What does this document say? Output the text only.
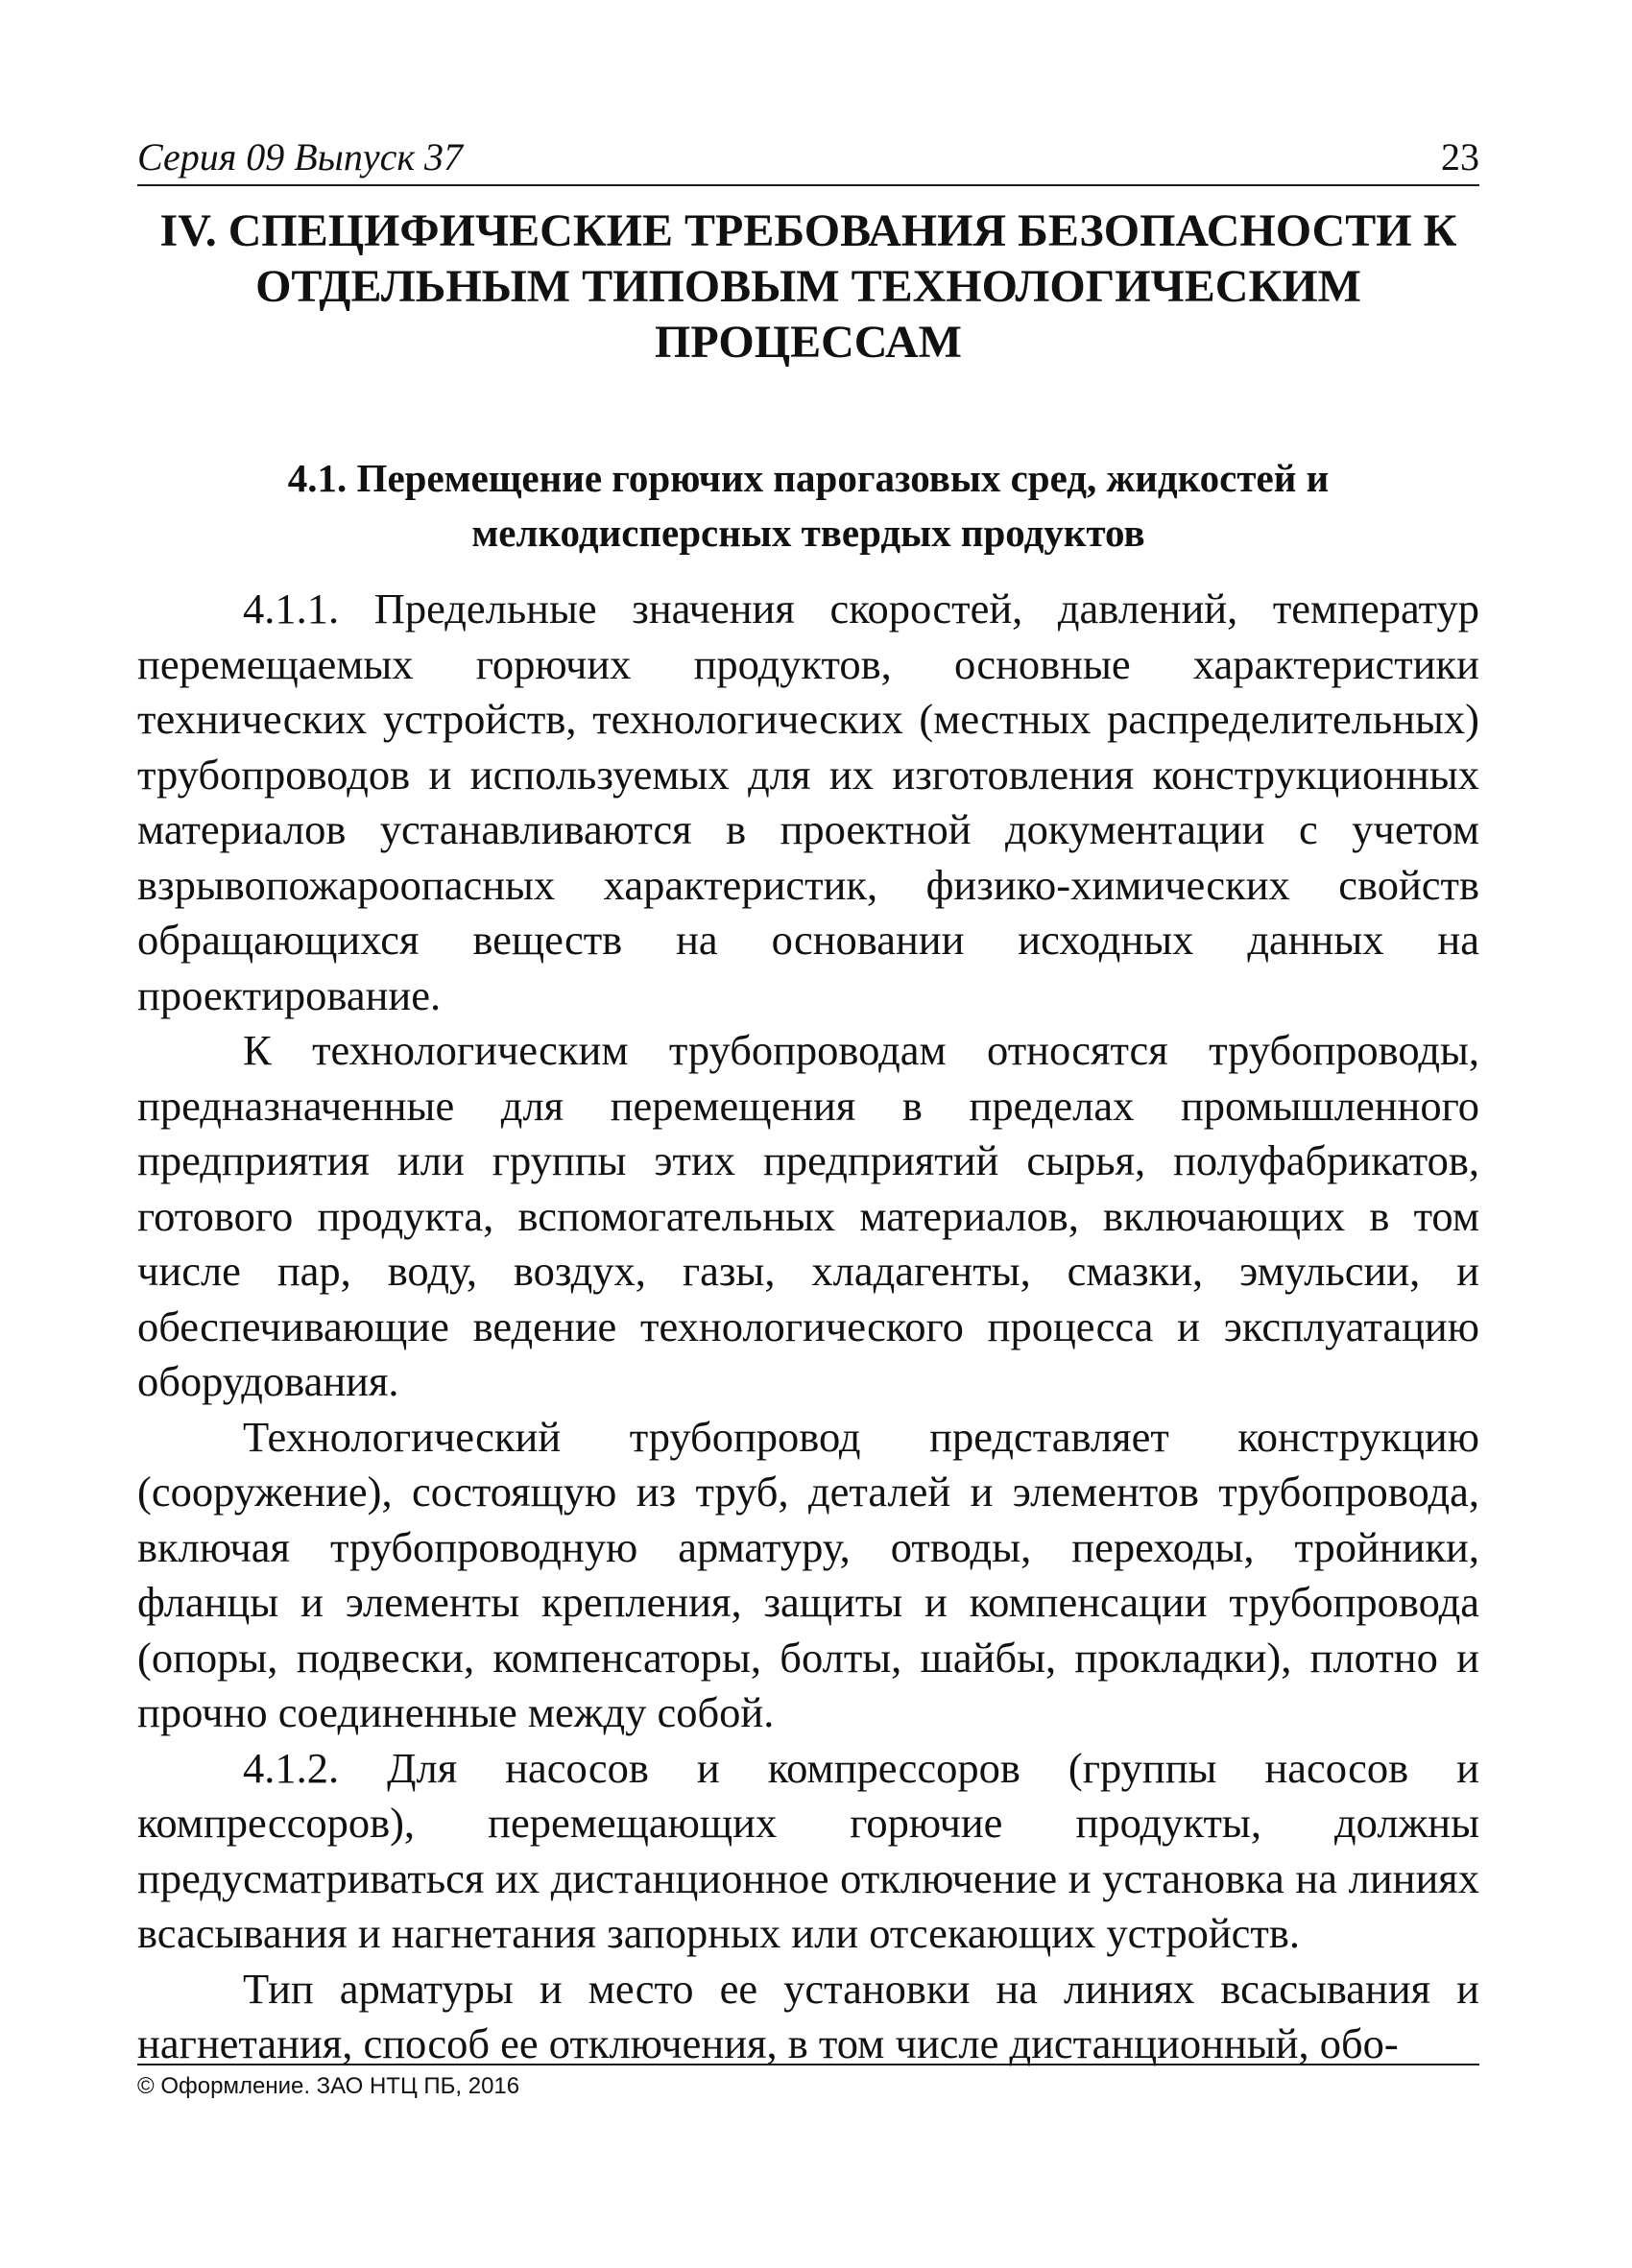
Серия 09 Выпуск 37	23
IV. СПЕЦИФИЧЕСКИЕ ТРЕБОВАНИЯ БЕЗОПАСНОСТИ К ОТДЕЛЬНЫМ ТИПОВЫМ ТЕХНОЛОГИЧЕСКИМ ПРОЦЕССАМ
4.1. Перемещение горючих парогазовых сред, жидкостей и мелкодисперсных твердых продуктов

4.1.1. Предельные значения скоростей, давлений, температур перемещаемых горючих продуктов, основные характеристики технических устройств, технологических (местных распределительных) трубопроводов и используемых для их изготовления конструкционных материалов устанавливаются в проектной документации с учетом взрывопожароопасных характеристик, физико-химических свойств обращающихся веществ на основании исходных данных на проектирование.

К технологическим трубопроводам относятся трубопроводы, предназначенные для перемещения в пределах промышленного предприятия или группы этих предприятий сырья, полуфабрикатов, готового продукта, вспомогательных материалов, включающих в том числе пар, воду, воздух, газы, хладагенты, смазки, эмульсии, и обеспечивающие ведение технологического процесса и эксплуатацию оборудования.

Технологический трубопровод представляет конструкцию (сооружение), состоящую из труб, деталей и элементов трубопровода, включая трубопроводную арматуру, отводы, переходы, тройники, фланцы и элементы крепления, защиты и компенсации трубопровода (опоры, подвески, компенсаторы, болты, шайбы, прокладки), плотно и прочно соединенные между собой.

4.1.2. Для насосов и компрессоров (группы насосов и компрессоров), перемещающих горючие продукты, должны предусматриваться их дистанционное отключение и установка на линиях всасывания и нагнетания запорных или отсекающих устройств.

Тип арматуры и место ее установки на линиях всасывания и нагнетания, способ ее отключения, в том числе дистанционный, обо-

© Оформление. ЗАО НТЦ ПБ, 2016
